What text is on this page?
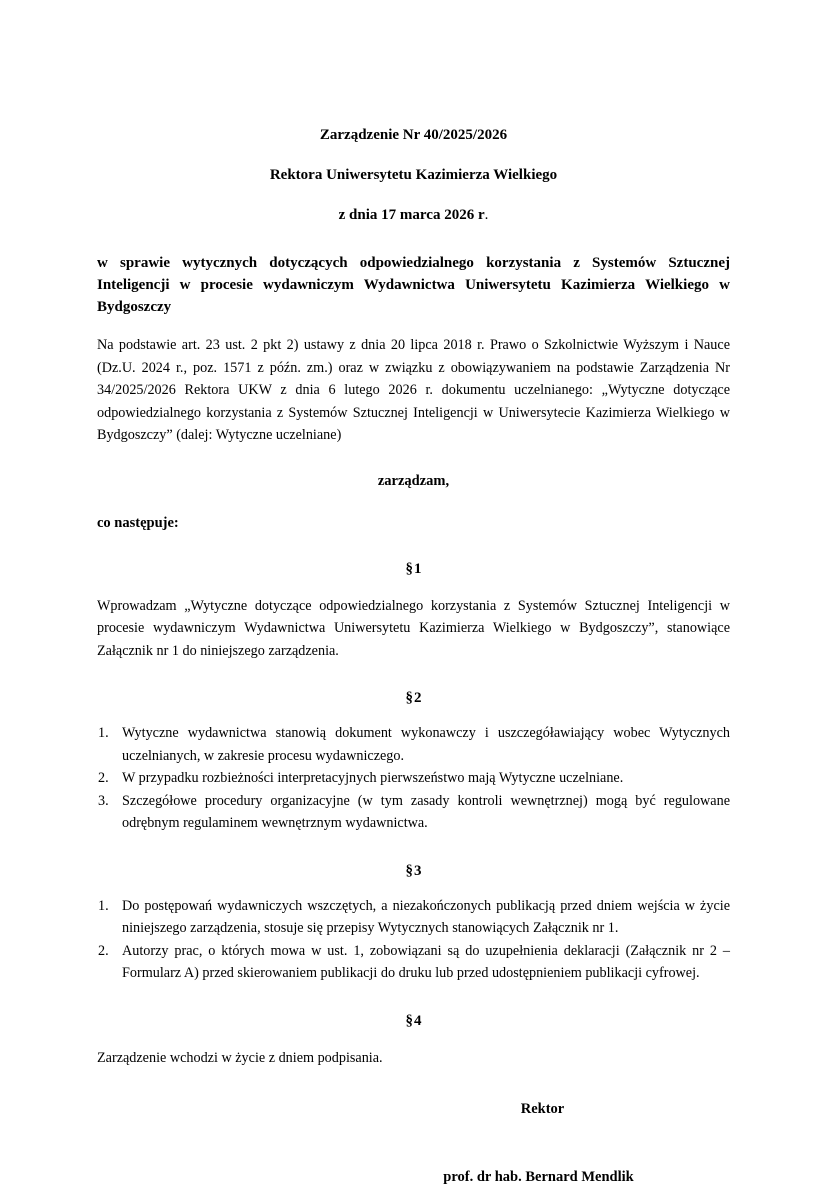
Zarządzenie Nr 40/2025/2026
Rektora Uniwersytetu Kazimierza Wielkiego
z dnia 17 marca 2026 r.
w sprawie wytycznych dotyczących odpowiedzialnego korzystania z Systemów Sztucznej Inteligencji w procesie wydawniczym Wydawnictwa Uniwersytetu Kazimierza Wielkiego w Bydgoszczy
Na podstawie art. 23 ust. 2 pkt 2) ustawy z dnia 20 lipca 2018 r. Prawo o Szkolnictwie Wyższym i Nauce (Dz.U. 2024 r., poz. 1571 z późn. zm.) oraz w związku z obowiązywaniem na podstawie Zarządzenia Nr 34/2025/2026 Rektora UKW z dnia 6 lutego 2026 r. dokumentu uczelnianego: „Wytyczne dotyczące odpowiedzialnego korzystania z Systemów Sztucznej Inteligencji w Uniwersytecie Kazimierza Wielkiego w Bydgoszczy” (dalej: Wytyczne uczelniane)
zarządzam,
co następuje:
§1
Wprowadzam „Wytyczne dotyczące odpowiedzialnego korzystania z Systemów Sztucznej Inteligencji w procesie wydawniczym Wydawnictwa Uniwersytetu Kazimierza Wielkiego w Bydgoszczy”, stanowiące Załącznik nr 1 do niniejszego zarządzenia.
§2
Wytyczne wydawnictwa stanowią dokument wykonawczy i uszczegóławiający wobec Wytycznych uczelnianych, w zakresie procesu wydawniczego.
W przypadku rozbieżności interpretacyjnych pierwszeństwo mają Wytyczne uczelniane.
Szczegółowe procedury organizacyjne (w tym zasady kontroli wewnętrznej) mogą być regulowane odrębnym regulaminem wewnętrznym wydawnictwa.
§3
Do postępowań wydawniczych wszczętych, a niezakończonych publikacją przed dniem wejścia w życie niniejszego zarządzenia, stosuje się przepisy Wytycznych stanowiących Załącznik nr 1.
Autorzy prac, o których mowa w ust. 1, zobowiązani są do uzupełnienia deklaracji (Załącznik nr 2 – Formularz A) przed skierowaniem publikacji do druku lub przed udostępnieniem publikacji cyfrowej.
§4
Zarządzenie wchodzi w życie z dniem podpisania.
Rektor
prof. dr hab. Bernard Mendlik
